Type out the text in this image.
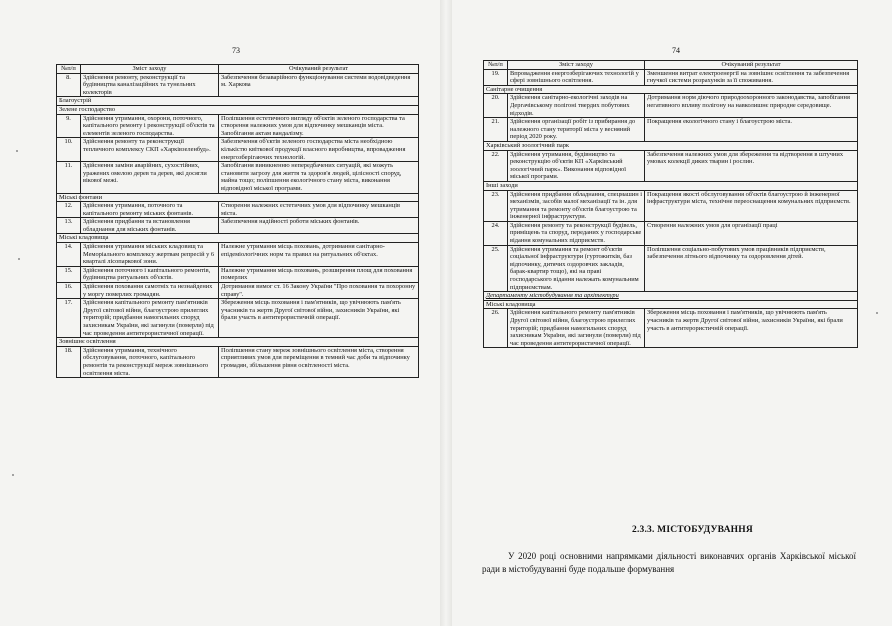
73
№п/п	Зміст заходу	Очікуваний результат
8.	Здійснення ремонту, реконструкції та будівництва каналізаційних та тунельних колекторів	Забезпечення безаварійного функціонування системи водовідведення м. Харкова
Благоустрій		
Зелене господарство		
9.	Здійснення утримання, охорони, поточного, капітального ремонту і реконструкції об'єктів та елементів зеленого господарства.	Поліпшення естетичного вигляду об'єктів зеленого господарства та створення належних умов для відпочинку мешканців міста. Запобігання актам вандалізму.
10.	Здійснення ремонту та реконструкції тепличного комплексу СКП «Харківзеленбуд».	Забезпечення об'єктів зеленого господарства міста необхідною кількістю квіткової продукції власного виробництва, впровадження енергозберігаючих технологій.
11.	Здійснення заміни аварійних, сухостійних, уражених омелою дерев та дерев, які досягли вікової межі.	Запобігання виникненню непередбачених ситуацій, які можуть становити загрозу для життя та здоров'я людей, цілісності споруд, майна тощо; поліпшення екологічного стану міста, виконання відповідної міської програми.
Міські фонтани		
12.	Здійснення утримання, поточного та капітального ремонту міських фонтанів.	Створення належних естетичних умов для відпочинку мешканців міста.
13.	Здійснення придбання та встановлення обладнання для міських фонтанів.	Забезпечення надійності роботи міських фонтанів.
Міські кладовища		
14.	Здійснення утримання міських кладовищ та Меморіального комплексу жертвам репресій у 6 кварталі лісопаркової зони.	Належне утримання місць поховань, дотримання санітарно-епідеміологічних норм та правил на ритуальних об'єктах.
15.	Здійснення поточного і капітального ремонтів, будівництва ритуальних об'єктів.	Належне утримання місць поховань, розширення площ для поховання померлих
16.	Здійснення поховання самотніх та незнайдених у моргу померлих громадян.	Дотримання вимог ст. 16 Закону України "Про поховання та похоронну справу".
17.	Здійснення капітального ремонту пам'ятників Другої світової війни, благоустрою прилеглих територій; придбання намогильних споруд захисникам України, які загинули (померли) під час проведення антитерористичної операції.	Збереження місць поховання і пам'ятників, що увічнюють пам'ять учасників та жертв Другої світової війни, захисників України, які брали участь в антитерористичній операції.
Зовнішнє освітлення		
18.	Здійснення утримання, технічного обслуговування, поточного, капітального ремонтів та реконструкції мереж зовнішнього освітлення міста.	Поліпшення стану мереж зовнішнього освітлення міста, створення сприятливих умов для переміщення в темний час доби та відпочинку громадян, збільшення рівня освітленості міста.
74
№п/п	Зміст заходу	Очікуваний результат
19.	Впровадження енергозберігаючих технологій у сфері зовнішнього освітлення.	Зменшення витрат електроенергії на зовнішнє освітлення та забезпечення гнучкої системи розрахунків за її споживання.
Санітарне очищення		
20.	Здійснення санітарно-екологічні заходів на Дергачівському полігоні твердих побутових відходів.	Дотримання норм діючого природоохоронного законодавства, запобігання негативного впливу полігону на навколишнє природне середовище.
21.	Здійснення організації робіт із прибирання до належного стану території міста у весняний період 2020 року.	Покращення екологічного стану і благоустрою міста.
Харківський зоологічний парк		
22.	Здійснення утримання, будівництво та реконструкцію об'єктів КП «Харківський зоологічний парк». Виконання відповідної міської програми.	Забезпечення належних умов для збереження та відтворення в штучних умовах колекції диких тварин і рослин.
Інші заходи		
23.	Здійснення придбання обладнання, спецмашин і механізмів, засобів малої механізації та ін. для утримання та ремонту об'єктів благоустрою та інженерної інфраструктури.	Покращення якості обслуговування об'єктів благоустрою й інженерної інфраструктури міста, технічне переоснащення комунальних підприємств.
24.	Здійснення ремонту та реконструкції будівель, приміщень та споруд, переданих у господарське відання комунальних підприємств.	Створення належних умов для організації праці
25.	Здійснення утримання та ремонт об'єктів соціальної інфраструктури (гуртожитків, баз відпочинку, дитячих оздоровчих закладів, барак-квартир тощо), які на праві господарського відання належать комунальним підприємствам.	Поліпшення соціально-побутових умов працівників підприємств, забезпечення літнього відпочинку та оздоровлення дітей.
Департаменту містобудування та архітектури		
Міські кладовища		
26.	Здійснення капітального ремонту пам'ятників Другої світової війни, благоустрою прилеглих територій; придбання намогильних споруд захисникам України, які загинули (померли) під час проведення антитерористичної операції.	Збереження місць поховання і пам'ятників, що увічнюють пам'ять учасників та жертв Другої світової війни, захисників України, які брали участь в антитерористичній операції.
2.3.3. МІСТОБУДУВАННЯ

У 2020 році основними напрямками діяльності виконавчих органів Харківської міської ради в містобудуванні буде подальше формування
